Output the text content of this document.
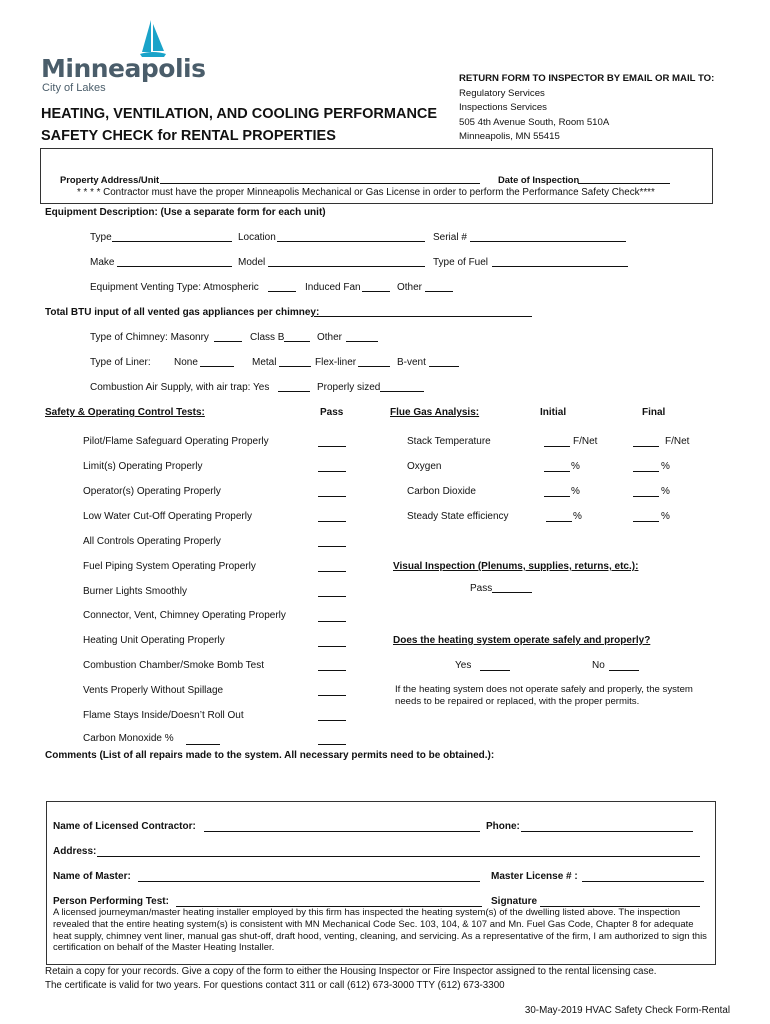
Minneapolis
City of Lakes
HEATING, VENTILATION, AND COOLING PERFORMANCE
SAFETY CHECK for RENTAL PROPERTIES
RETURN FORM TO INSPECTOR BY EMAIL OR MAIL TO:
Regulatory Services
Inspections Services
505 4th Avenue South, Room 510A
Minneapolis, MN 55415
Property Address/Unit	Date of Inspection
* * * * Contractor must have the proper Minneapolis Mechanical or Gas License in order to perform the Performance Safety Check****
Equipment Description: (Use a separate form for each unit)
Type	Location	Serial #
Make	Model	Type of Fuel
Equipment Venting Type: Atmospheric	Induced Fan	Other
Total BTU input of all vented gas appliances per chimney:
Type of Chimney: Masonry	Class B	Other
Type of Liner: None	Metal	Flex-liner	B-vent
Combustion Air Supply, with air trap: Yes	Properly sized
Safety & Operating Control Tests:	Pass	Flue Gas Analysis:	Initial	Final
Pilot/Flame Safeguard Operating Properly
Limit(s) Operating Properly
Operator(s) Operating Properly
Low Water Cut-Off Operating Properly
All Controls Operating Properly
Fuel Piping System Operating Properly
Burner Lights Smoothly
Connector, Vent, Chimney Operating Properly
Heating Unit Operating Properly
Combustion Chamber/Smoke Bomb Test
Vents Properly Without Spillage
Flame Stays Inside/Doesn’t Roll Out
Carbon Monoxide %
Stack Temperature	F/Net	F/Net
Oxygen	%	%
Carbon Dioxide	%	%
Steady State efficiency	%	%
Visual Inspection (Plenums, supplies, returns, etc.):
Pass
Does the heating system operate safely and properly?
Yes	No
If the heating system does not operate safely and properly, the system needs to be repaired or replaced, with the proper permits.
Comments (List of all repairs made to the system. All necessary permits need to be obtained.):
Name of Licensed Contractor:	Phone:
Address:
Name of Master:	Master License # :
Person Performing Test:	Signature
A licensed journeyman/master heating installer employed by this firm has inspected the heating system(s) of the dwelling listed above. The inspection revealed that the entire heating system(s) is consistent with MN Mechanical Code Sec. 103, 104, & 107 and Mn. Fuel Gas Code, Chapter 8 for adequate heat supply, chimney vent liner, manual gas shut-off, draft hood, venting, cleaning, and servicing. As a representative of the firm, I am authorized to sign this certification on behalf of the Master Heating Installer.
Retain a copy for your records. Give a copy of the form to either the Housing Inspector or Fire Inspector assigned to the rental licensing case.
The certificate is valid for two years. For questions contact 311 or call (612) 673-3000 TTY (612) 673-3300
30-May-2019 HVAC Safety Check Form-Rental
